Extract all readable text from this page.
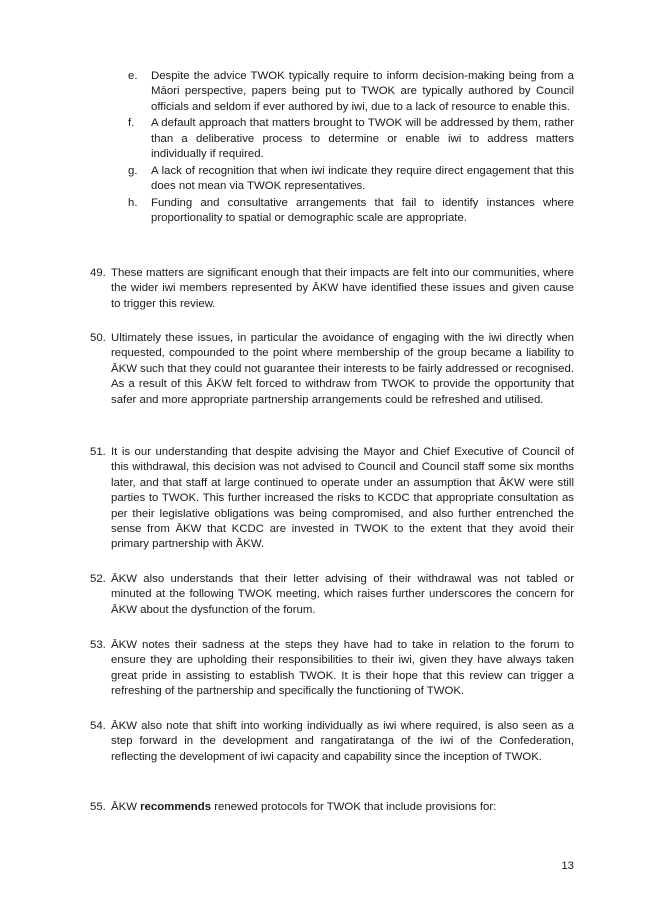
e. Despite the advice TWOK typically require to inform decision-making being from a Māori perspective, papers being put to TWOK are typically authored by Council officials and seldom if ever authored by iwi, due to a lack of resource to enable this.
f. A default approach that matters brought to TWOK will be addressed by them, rather than a deliberative process to determine or enable iwi to address matters individually if required.
g. A lack of recognition that when iwi indicate they require direct engagement that this does not mean via TWOK representatives.
h. Funding and consultative arrangements that fail to identify instances where proportionality to spatial or demographic scale are appropriate.
49. These matters are significant enough that their impacts are felt into our communities, where the wider iwi members represented by ĀKW have identified these issues and given cause to trigger this review.
50. Ultimately these issues, in particular the avoidance of engaging with the iwi directly when requested, compounded to the point where membership of the group became a liability to ĀKW such that they could not guarantee their interests to be fairly addressed or recognised. As a result of this ĀKW felt forced to withdraw from TWOK to provide the opportunity that safer and more appropriate partnership arrangements could be refreshed and utilised.
51. It is our understanding that despite advising the Mayor and Chief Executive of Council of this withdrawal, this decision was not advised to Council and Council staff some six months later, and that staff at large continued to operate under an assumption that ĀKW were still parties to TWOK. This further increased the risks to KCDC that appropriate consultation as per their legislative obligations was being compromised, and also further entrenched the sense from ĀKW that KCDC are invested in TWOK to the extent that they avoid their primary partnership with ĀKW.
52. ĀKW also understands that their letter advising of their withdrawal was not tabled or minuted at the following TWOK meeting, which raises further underscores the concern for ĀKW about the dysfunction of the forum.
53. ĀKW notes their sadness at the steps they have had to take in relation to the forum to ensure they are upholding their responsibilities to their iwi, given they have always taken great pride in assisting to establish TWOK. It is their hope that this review can trigger a refreshing of the partnership and specifically the functioning of TWOK.
54. ĀKW also note that shift into working individually as iwi where required, is also seen as a step forward in the development and rangatiratanga of the iwi of the Confederation, reflecting the development of iwi capacity and capability since the inception of TWOK.
55. ĀKW recommends renewed protocols for TWOK that include provisions for:
13
